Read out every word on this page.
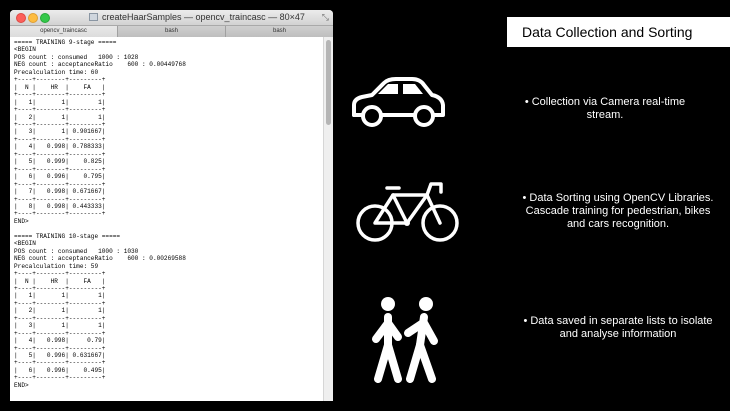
createHaarSamples — opencv_traincasc — 80×47 ⤡
opencv_traincasc	bash	bash
===== TRAINING 9-stage =====
<BEGIN
POS count : consumed   1000 : 1028
NEG count : acceptanceRatio    600 : 0.00449768
Precalculation time: 60
+----+--------+---------+
|  N |    HR  |    FA   |
+----+--------+---------+
|   1|       1|        1|
+----+--------+---------+
|   2|       1|        1|
+----+--------+---------+
|   3|       1| 0.901667|
+----+--------+---------+
|   4|   0.998| 0.788333|
+----+--------+---------+
|   5|   0.999|    0.825|
+----+--------+---------+
|   6|   0.996|    0.795|
+----+--------+---------+
|   7|   0.998| 0.671667|
+----+--------+---------+
|   8|   0.998| 0.443333|
+----+--------+---------+
END>

===== TRAINING 10-stage =====
<BEGIN
POS count : consumed   1000 : 1030
NEG count : acceptanceRatio    600 : 0.00269588
Precalculation time: 59
+----+--------+---------+
|  N |    HR  |    FA   |
+----+--------+---------+
|   1|       1|        1|
+----+--------+---------+
|   2|       1|        1|
+----+--------+---------+
|   3|       1|        1|
+----+--------+---------+
|   4|   0.998|     0.79|
+----+--------+---------+
|   5|   0.996| 0.631667|
+----+--------+---------+
|   6|   0.996|    0.495|
+----+--------+---------+
END>
Data Collection and Sorting
• Collection via Camera real-time stream.
• Data Sorting using OpenCV Libraries. Cascade training for pedestrian, bikes and cars recognition.
• Data saved in separate lists to isolate and analyse information
